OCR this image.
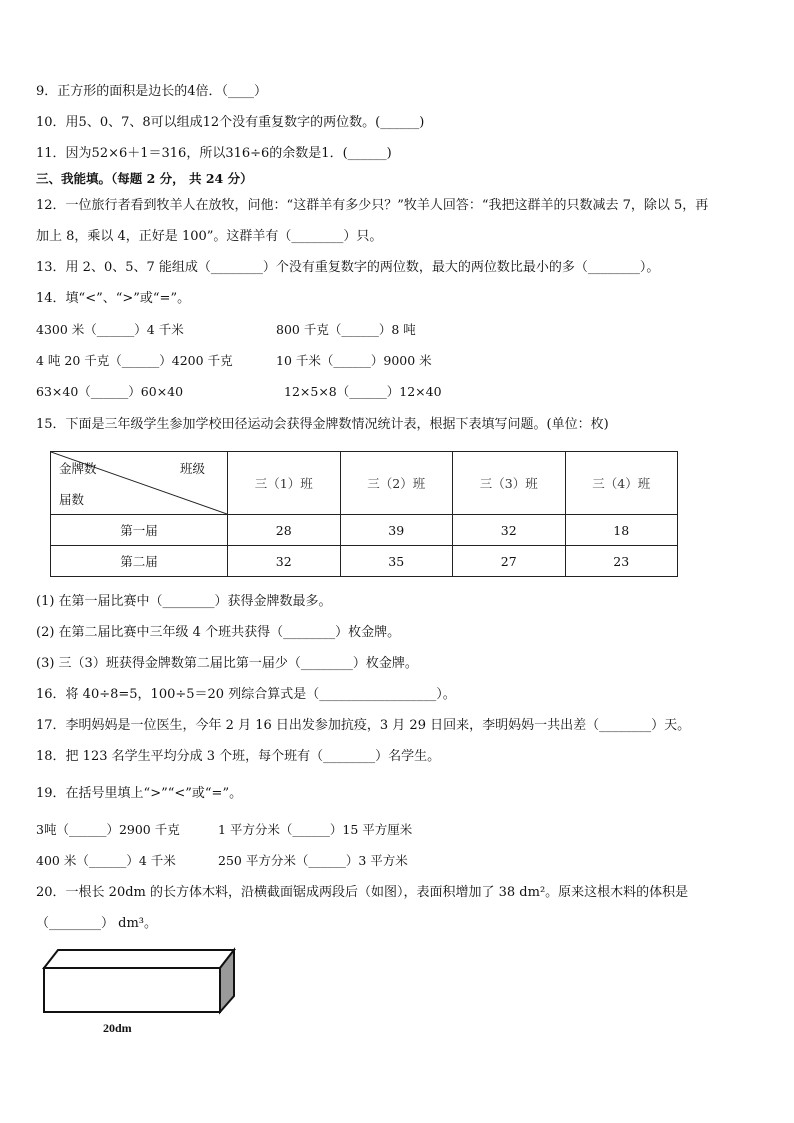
9．正方形的面积是边长的4倍．（____）
10．用5、0、7、8可以组成12个没有重复数字的两位数。(______)
11．因为52×6＋1＝316，所以316÷6的余数是1．(______)
三、我能填。（每题 2 分， 共 24 分）
12．一位旅行者看到牧羊人在放牧，问他：“这群羊有多少只？”牧羊人回答：“我把这群羊的只数减去 7，除以 5，再
加上 8，乘以 4，正好是 100”。这群羊有（________）只。
13．用 2、0、5、7 能组成（________）个没有重复数字的两位数，最大的两位数比最小的多（________）。
14．填“<”、“>”或“=”。
4300 米（______）4 千米	800 千克（______）8 吨
4 吨 20 千克（______）4200 千克	10 千米（______）9000 米
63×40（______）60×40	12×5×8（______）12×40
15．下面是三年级学生参加学校田径运动会获得金牌数情况统计表，根据下表填写问题。(单位：枚)
金牌数 班级
届数	三（1）班	三（2）班	三（3）班	三（4）班
第一届	28	39	32	18
第二届	32	35	27	23
(1) 在第一届比赛中（________）获得金牌数最多。
(2) 在第二届比赛中三年级 4 个班共获得（________）枚金牌。
(3) 三（3）班获得金牌数第二届比第一届少（________）枚金牌。
16．将 40÷8=5，100÷5＝20 列综合算式是（__________________）。
17．李明妈妈是一位医生，今年 2 月 16 日出发参加抗疫，3 月 29 日回来，李明妈妈一共出差（________）天。
18．把 123 名学生平均分成 3 个班，每个班有（________）名学生。
19．在括号里填上“>”“<”或“=”。
3吨（______）2900 千克	1 平方分米（______）15 平方厘米
400 米（______）4 千米	250 平方分米（______）3 平方米
20．一根长 20dm 的长方体木料，沿横截面锯成两段后（如图），表面积增加了 38 dm²。原来这根木料的体积是
（________） dm³。
20dm
